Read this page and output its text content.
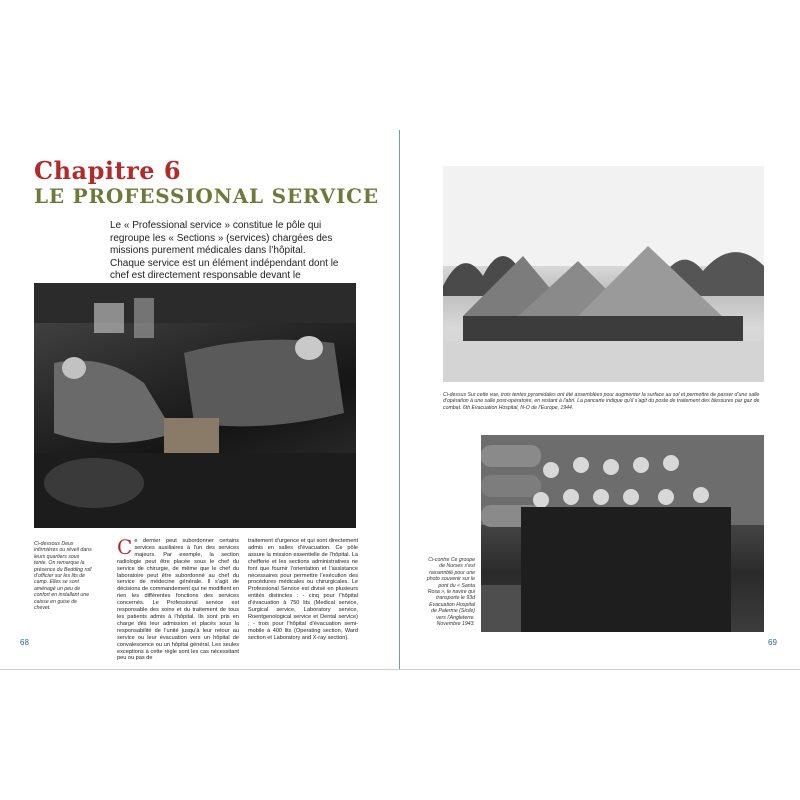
Chapitre 6
LE PROFESSIONAL SERVICE
Le « Professional service » constitue le pôle qui regroupe les « Sections » (services) chargées des missions purement médicales dans l’hôpital. Chaque service est un élément indépendant dont le chef est directement responsable devant le
Ci-dessous Deux infirmières ou réveil dans leurs quartiers sous tente. On remarque la présence du Bedding roll d’officier sur les lits de camp. Elles se sont aménagé un peu de confort en installant une caisse en guise de chevet.
Ce dernier peut subordonner certains services auxiliaires à l’un des services majeurs. Par exemple, la section radiologie peut être placée sous le chef du service de chirurgie, de même que le chef du laboratoire peut être subordonné au chef du service de médecine générale. Il s’agit de décisions de commandement qui ne modifient en rien les différentes fonctions des services concernés. Le Professional service est responsable des soins et du traitement de tous les patients admis à l’hôpital. Ils sont pris en charge dès leur admission et placés sous la responsabilité de l’unité jusqu’à leur retour au service ou leur évacuation vers un hôpital de convalescence ou un hôpital général. Les seules exceptions à cette règle sont les cas nécessitant peu ou pas de
traitement d’urgence et qui sont directement admis en salles d’évacuation. Ce pôle assure la mission essentielle de l’hôpital. La chefferie et les sections administratives ne font que fournir l’orientation et l’assistance nécessaires pour permettre l’exécution des procédures médicales ou chirurgicales. Le Professional Service est divisé en plusieurs entités distinctes : - cinq pour l’hôpital d’évacuation à 750 lits (Medical service, Surgical service, Laboratory service, Roentgenological service et Dental service) ; - trois pour l’hôpital d’évacuation semi-mobile à 400 lits (Operating section, Ward section et Laboratory and X-ray section).
68
Ci-dessus Sur cette vue, trois tentes pyramidales ont été assemblées pour augmenter la surface au sol et permettre de passer d’une salle d’opération à une salle post-opératoire, en restant à l’abri. La pancarte indique qu’il s’agit du poste de traitement des blessures par gaz de combat. 6th Evacuation Hospital, N-O de l’Europe, 1944.
Ci-contre Ce groupe de Nurses s’est rassemblé pour une photo souvenir sur le pont du « Santa Rosa », le navire qui transporte le 93d Evacuation Hospital de Palerme (Sicile) vers l’Angleterre. Novembre 1943.
69
